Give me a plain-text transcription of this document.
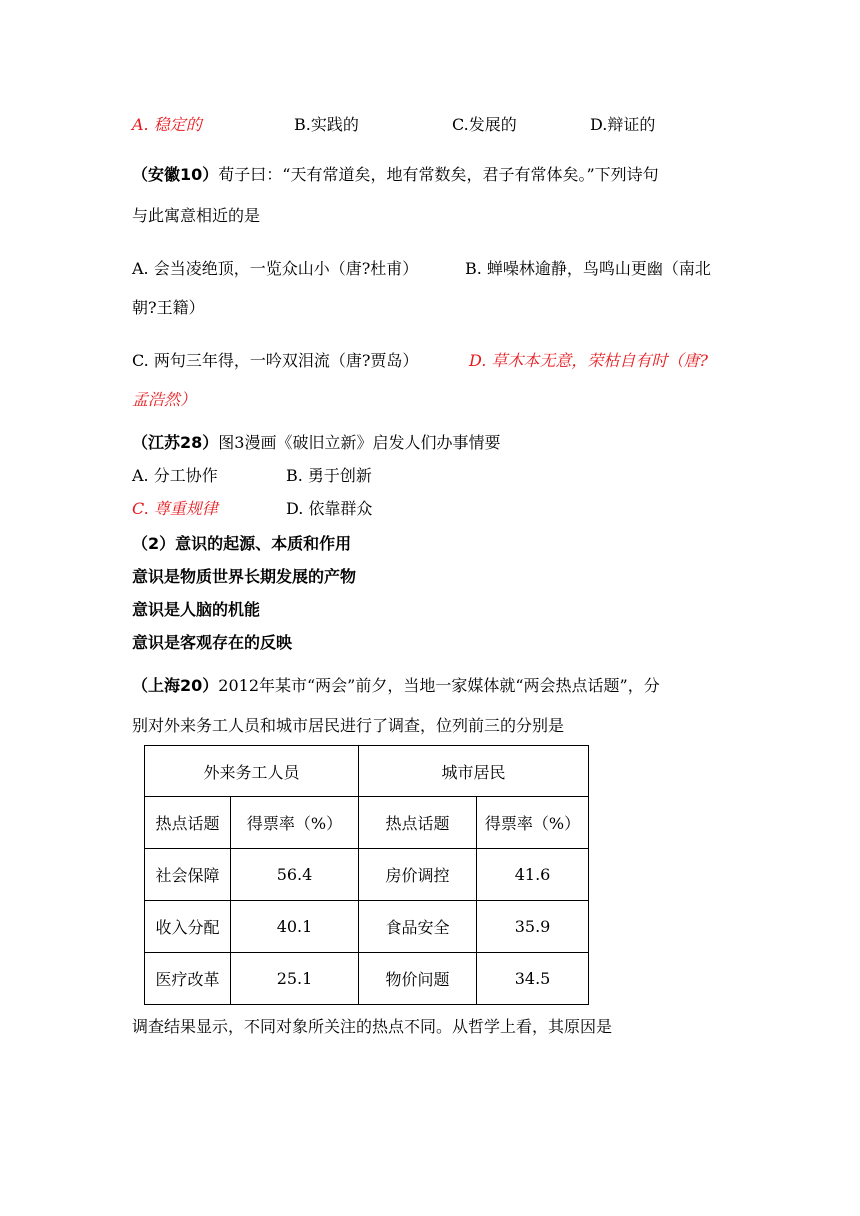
A. 稳定的	B.实践的	C.发展的	D.辩证的
（安徽10）荀子曰：“天有常道矣，地有常数矣，君子有常体矣。”下列诗句
与此寓意相近的是
A. 会当凌绝顶，一览众山小（唐?杜甫）	B. 蝉噪林逾静，鸟鸣山更幽（南北
朝?王籍）
C. 两句三年得，一吟双泪流（唐?贾岛）	D. 草木本无意，荣枯自有时（唐?
孟浩然）
（江苏28）图3漫画《破旧立新》启发人们办事情要
A. 分工协作	B. 勇于创新
C. 尊重规律	D. 依靠群众
（2）意识的起源、本质和作用
意识是物质世界长期发展的产物
意识是人脑的机能
意识是客观存在的反映
（上海20）2012年某市“两会”前夕，当地一家媒体就“两会热点话题”，分
别对外来务工人员和城市居民进行了调查，位列前三的分别是
外来务工人员		城市居民	
热点话题	得票率（%）	热点话题	得票率（%）
社会保障	56.4	房价调控	41.6
收入分配	40.1	食品安全	35.9
医疗改革	25.1	物价问题	34.5
调查结果显示，不同对象所关注的热点不同。从哲学上看，其原因是
